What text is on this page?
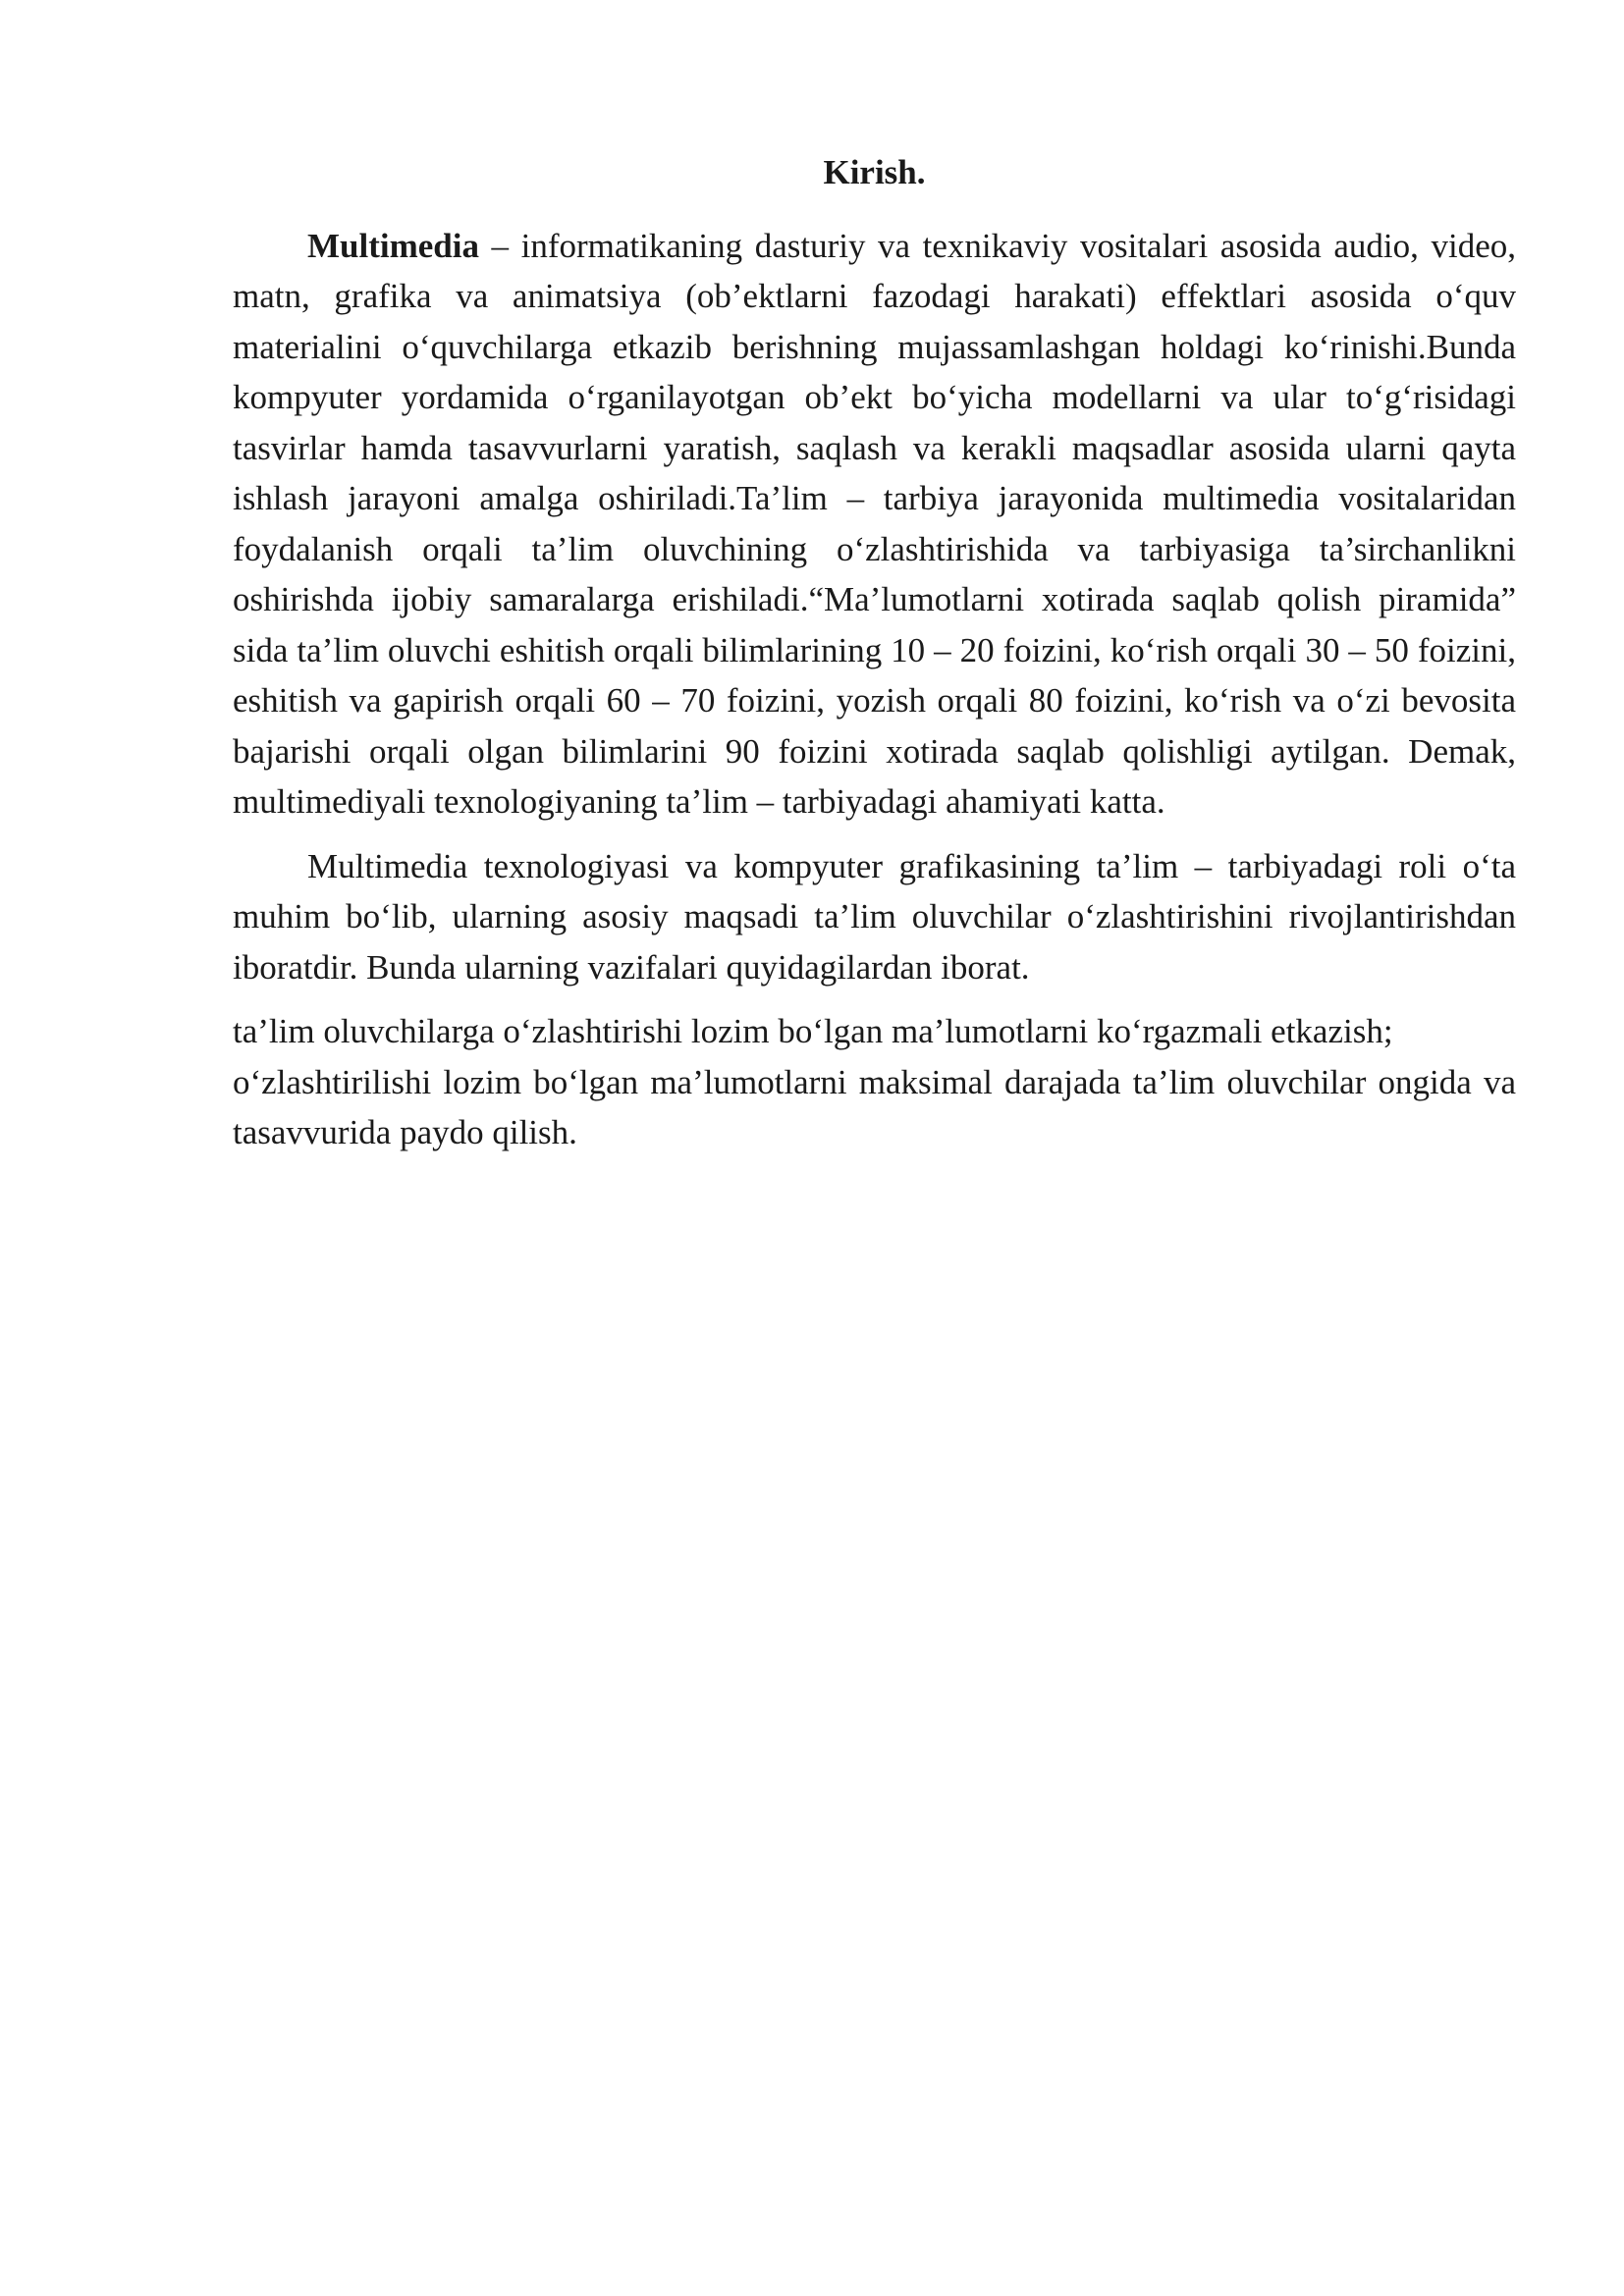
Kirish.

Multimedia – informatikaning dasturiy va texnikaviy vositalari asosida audio, video, matn, grafika va animatsiya (ob’ektlarni fazodagi harakati) effektlari asosida o‘quv materialini o‘quvchilarga etkazib berishning mujassamlashgan holdagi ko‘rinishi.Bunda kompyuter yordamida o‘rganilayotgan ob’ekt bo‘yicha modellarni va ular to‘g‘risidagi tasvirlar hamda tasavvurlarni yaratish, saqlash va kerakli maqsadlar asosida ularni qayta ishlash jarayoni amalga oshiriladi.Ta’lim – tarbiya jarayonida multimedia vositalaridan foydalanish orqali ta’lim oluvchining o‘zlashtirishida va tarbiyasiga ta’sirchanlikni oshirishda ijobiy samaralarga erishiladi.“Ma’lumotlarni xotirada saqlab qolish piramida” sida ta’lim oluvchi eshitish orqali bilimlarining 10 – 20 foizini, ko‘rish orqali 30 – 50 foizini, eshitish va gapirish orqali 60 – 70 foizini, yozish orqali 80 foizini, ko‘rish va o‘zi bevosita bajarishi orqali olgan bilimlarini 90 foizini xotirada saqlab qolishligi aytilgan. Demak, multimediyali texnologiyaning ta’lim – tarbiyadagi ahamiyati katta.

Multimedia texnologiyasi va kompyuter grafikasining ta’lim – tarbiyadagi roli o‘ta muhim bo‘lib, ularning asosiy maqsadi ta’lim oluvchilar o‘zlashtirishini rivojlantirishdan iboratdir. Bunda ularning vazifalari quyidagilardan iborat.

ta’lim oluvchilarga o‘zlashtirishi lozim bo‘lgan ma’lumotlarni ko‘rgazmali etkazish;

o‘zlashtirilishi lozim bo‘lgan ma’lumotlarni maksimal darajada ta’lim oluvchilar ongida va tasavvurida paydo qilish.
